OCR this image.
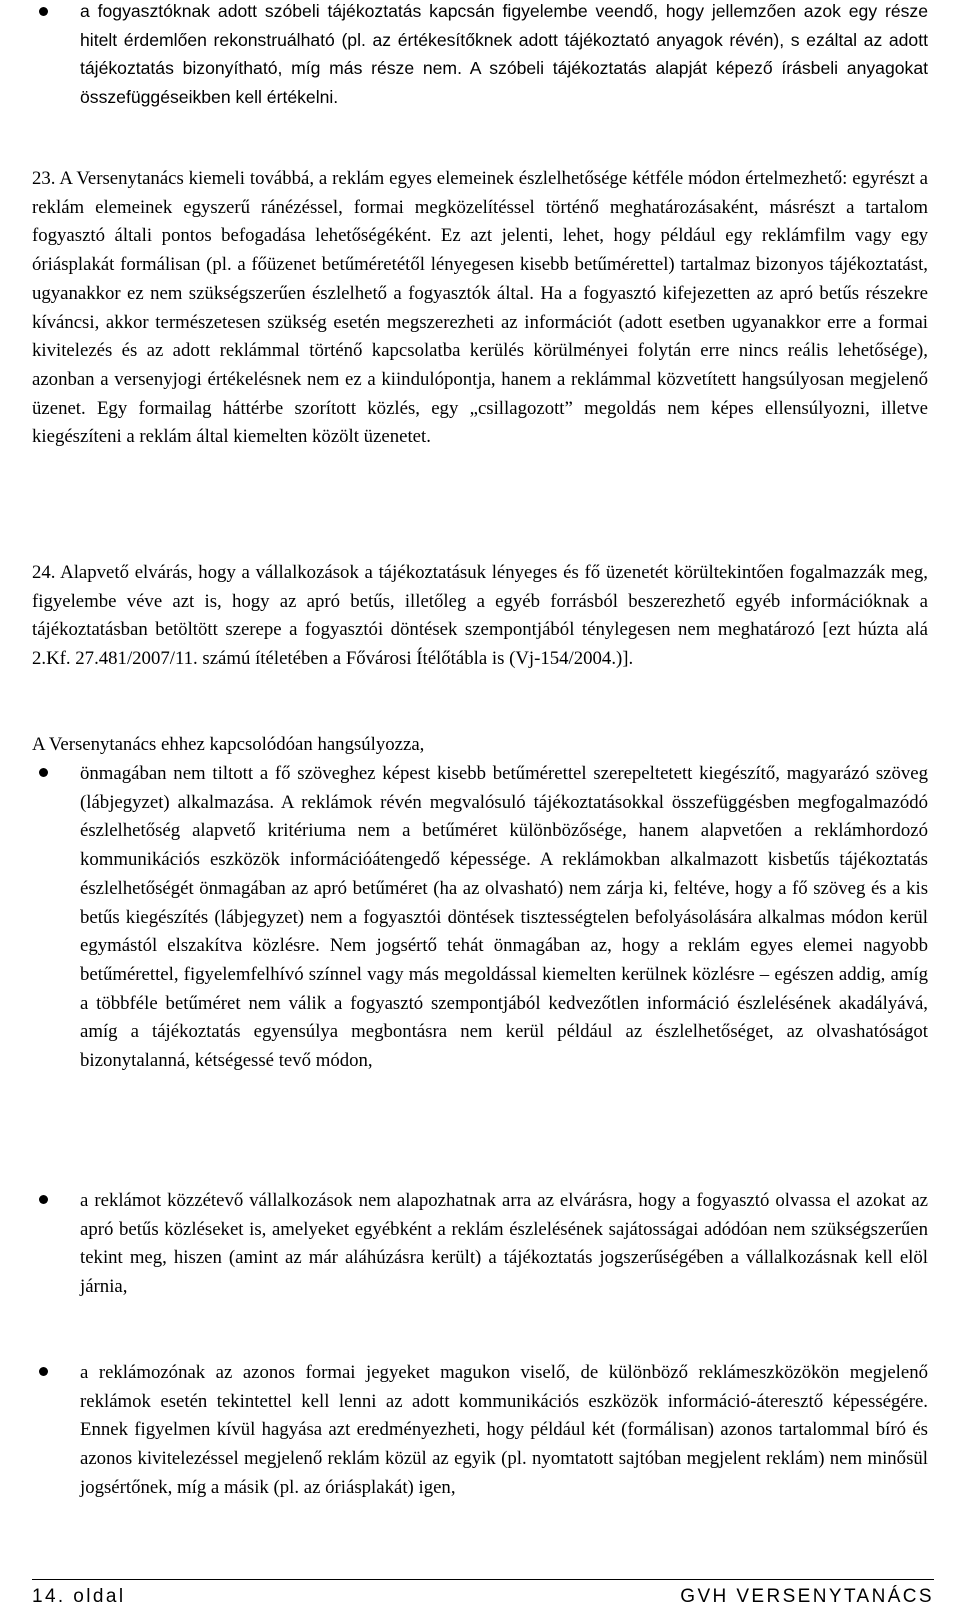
a fogyasztóknak adott szóbeli tájékoztatás kapcsán figyelembe veendő, hogy jellemzően azok egy része hitelt érdemlően rekonstruálható (pl. az értékesítőknek adott tájékoztató anyagok révén), s ezáltal az adott tájékoztatás bizonyítható, míg más része nem. A szóbeli tájékoztatás alapját képező írásbeli anyagokat összefüggéseikben kell értékelni.
23. A Versenytanács kiemeli továbbá, a reklám egyes elemeinek észlelhetősége kétféle módon értelmezhető: egyrészt a reklám elemeinek egyszerű ránézéssel, formai megközelítéssel történő meghatározásaként, másrészt a tartalom fogyasztó általi pontos befogadása lehetőségéként. Ez azt jelenti, lehet, hogy például egy reklámfilm vagy egy óriásplakát formálisan (pl. a főüzenet betűméretétől lényegesen kisebb betűmérettel) tartalmaz bizonyos tájékoztatást, ugyanakkor ez nem szükségszerűen észlelhető a fogyasztók által. Ha a fogyasztó kifejezetten az apró betűs részekre kíváncsi, akkor természetesen szükség esetén megszerezheti az információt (adott esetben ugyanakkor erre a formai kivitelezés és az adott reklámmal történő kapcsolatba kerülés körülményei folytán erre nincs reális lehetősége), azonban a versenyjogi értékelésnek nem ez a kiindulópontja, hanem a reklámmal közvetített hangsúlyosan megjelenő üzenet. Egy formailag háttérbe szorított közlés, egy „csillagozott” megoldás nem képes ellensúlyozni, illetve kiegészíteni a reklám által kiemelten közölt üzenetet.
24. Alapvető elvárás, hogy a vállalkozások a tájékoztatásuk lényeges és fő üzenetét körültekintően fogalmazzák meg, figyelembe véve azt is, hogy az apró betűs, illetőleg a egyéb forrásból beszerezhető egyéb információknak a tájékoztatásban betöltött szerepe a fogyasztói döntések szempontjából ténylegesen nem meghatározó [ezt húzta alá 2.Kf. 27.481/2007/11. számú ítéletében a Fővárosi Ítélőtábla is (Vj-154/2004.)].
A Versenytanács ehhez kapcsolódóan hangsúlyozza,
önmagában nem tiltott a fő szöveghez képest kisebb betűmérettel szerepeltetett kiegészítő, magyarázó szöveg (lábjegyzet) alkalmazása. A reklámok révén megvalósuló tájékoztatásokkal összefüggésben megfogalmazódó észlelhetőség alapvető kritériuma nem a betűméret különbözősége, hanem alapvetően a reklámhordozó kommunikációs eszközök információátengedő képessége. A reklámokban alkalmazott kisbetűs tájékoztatás észlelhetőségét önmagában az apró betűméret (ha az olvasható) nem zárja ki, feltéve, hogy a fő szöveg és a kis betűs kiegészítés (lábjegyzet) nem a fogyasztói döntések tisztességtelen befolyásolására alkalmas módon kerül egymástól elszakítva közlésre. Nem jogsértő tehát önmagában az, hogy a reklám egyes elemei nagyobb betűmérettel, figyelemfelhívó színnel vagy más megoldással kiemelten kerülnek közlésre – egészen addig, amíg a többféle betűméret nem válik a fogyasztó szempontjából kedvezőtlen információ észlelésének akadályává, amíg a tájékoztatás egyensúlya megbontásra nem kerül például az észlelhetőséget, az olvashatóságot bizonytalanná, kétségessé tevő módon,
a reklámot közzétevő vállalkozások nem alapozhatnak arra az elvárásra, hogy a fogyasztó olvassa el azokat az apró betűs közléseket is, amelyeket egyébként a reklám észlelésének sajátosságai adódóan nem szükségszerűen tekint meg, hiszen (amint az már aláhúzásra került) a tájékoztatás jogszerűségében a vállalkozásnak kell elöl járnia,
a reklámozónak az azonos formai jegyeket magukon viselő, de különböző reklámeszközökön megjelenő reklámok esetén tekintettel kell lenni az adott kommunikációs eszközök információ-áteresztő képességére. Ennek figyelmen kívül hagyása azt eredményezheti, hogy például két (formálisan) azonos tartalommal bíró és azonos kivitelezéssel megjelenő reklám közül az egyik (pl. nyomtatott sajtóban megjelent reklám) nem minősül jogsértőnek, míg a másik (pl. az óriásplakát) igen,
14. oldal	GVH VERSENYTANÁCS
